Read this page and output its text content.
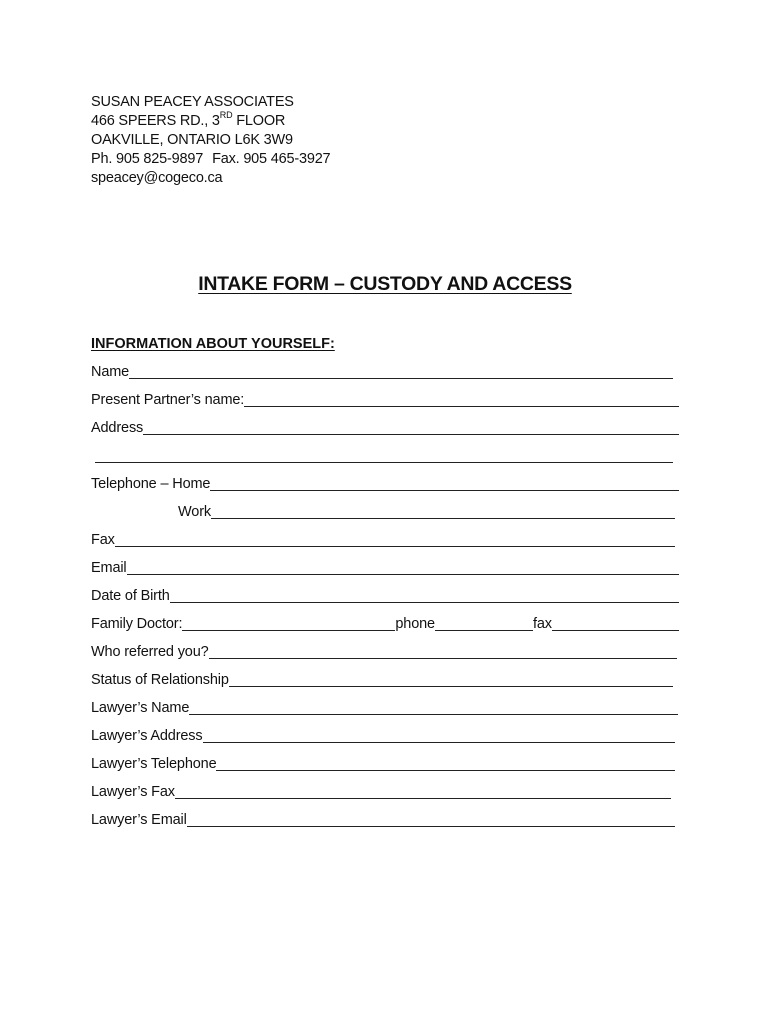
SUSAN PEACEY ASSOCIATES
466 SPEERS RD., 3RD FLOOR
OAKVILLE, ONTARIO L6K 3W9
Ph. 905 825-9897 Fax. 905 465-3927
speacey@cogeco.ca
INTAKE FORM – CUSTODY AND ACCESS
INFORMATION ABOUT YOURSELF:
Name
Present Partner’s name:
Address
Telephone – Home
Work
Fax
Email
Date of Birth
Family Doctor:	phone	fax
Who referred you?
Status of Relationship
Lawyer’s Name
Lawyer’s Address
Lawyer’s Telephone
Lawyer’s Fax
Lawyer’s Email
